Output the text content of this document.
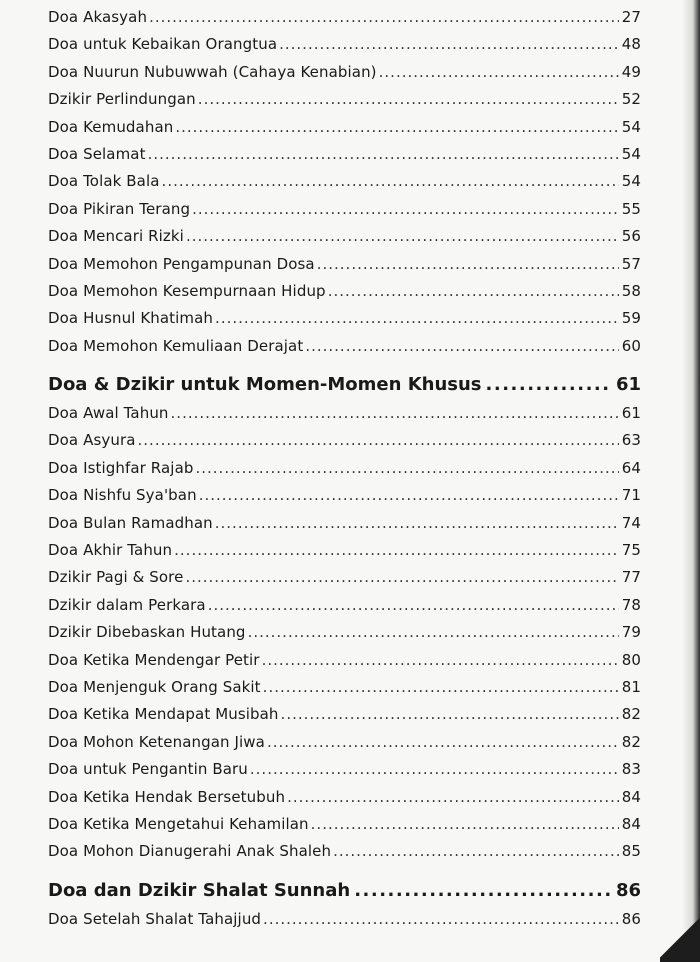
Doa Akasyah .....	27
Doa untuk Kebaikan Orangtua .....	48
Doa Nuurun Nubuwwah (Cahaya Kenabian) .....	49
Dzikir Perlindungan .....	52
Doa Kemudahan .....	54
Doa Selamat .....	54
Doa Tolak Bala .....	54
Doa Pikiran Terang .....	55
Doa Mencari Rizki .....	56
Doa Memohon Pengampunan Dosa .....	57
Doa Memohon Kesempurnaan Hidup .....	58
Doa Husnul Khatimah .....	59
Doa Memohon Kemuliaan Derajat .....	60
Doa & Dzikir untuk Momen-Momen Khusus .....	61
Doa Awal Tahun .....	61
Doa Asyura .....	63
Doa Istighfar Rajab .....	64
Doa Nishfu Sya'ban .....	71
Doa Bulan Ramadhan .....	74
Doa Akhir Tahun .....	75
Dzikir Pagi & Sore .....	77
Dzikir dalam Perkara .....	78
Dzikir Dibebaskan Hutang .....	79
Doa Ketika Mendengar Petir .....	80
Doa Menjenguk Orang Sakit .....	81
Doa Ketika Mendapat Musibah .....	82
Doa Mohon Ketenangan Jiwa .....	82
Doa untuk Pengantin Baru .....	83
Doa Ketika Hendak Bersetubuh .....	84
Doa Ketika Mengetahui Kehamilan .....	84
Doa Mohon Dianugerahi Anak Shaleh .....	85
Doa dan Dzikir Shalat Sunnah .....	86
Doa Setelah Shalat Tahajjud .....	86
